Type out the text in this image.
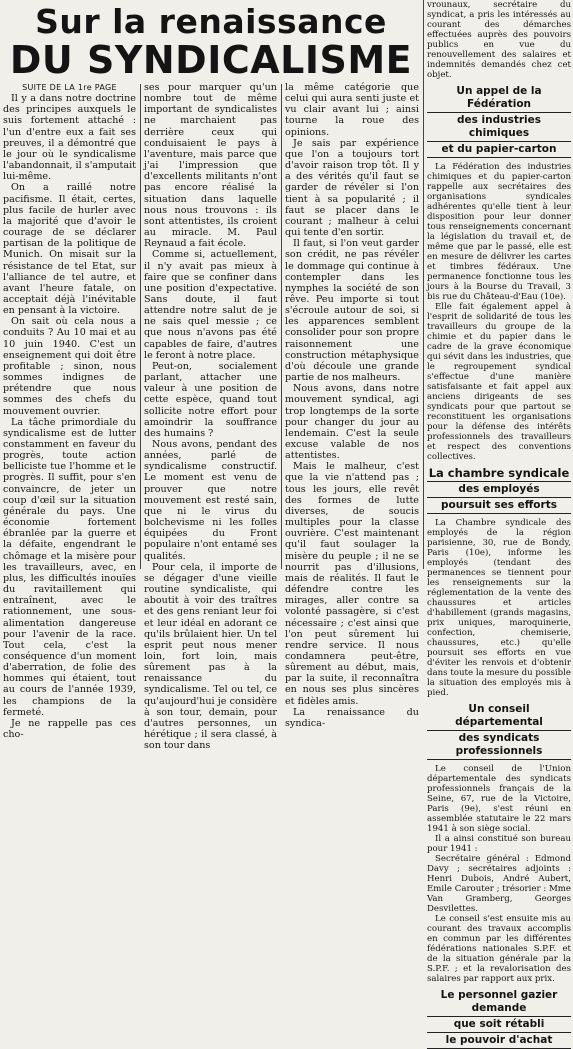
Sur la renaissance
DU SYNDICALISME

SUITE DE LA 1re PAGE

Il y a dans notre doctrine des principes auxquels le suis fortement attaché : l'un d'entre eux a fait ses preuves, il a démontré que le jour où le syndicalisme l'abandonnait, il s'amputait lui-même.

On a raillé notre pacifisme. Il était, certes, plus facile de hurler avec la majorité que d'avoir le courage de se déclarer partisan de la politique de Munich. On misait sur la résistance de tel Etat, sur l'alliance de tel autre, et avant l'heure fatale, on acceptait déjà l'inévitable en pensant à la victoire.

On sait où cela nous a conduits ? Au 10 mai et au 10 juin 1940. C'est un enseignement qui doit être profitable ; sinon, nous sommes indignes de prétendre que nous sommes des chefs du mouvement ouvrier.

La tâche primordiale du syndicalisme est de lutter constamment en faveur du progrès, toute action belliciste tue l'homme et le progrès. Il suffit, pour s'en convaincre, de jeter un coup d'œil sur la situation générale du pays. Une économie fortement ébranlée par la guerre et la défaite, engendrant le chômage et la misère pour les travailleurs, avec, en plus, les difficultés inouïes du ravitaillement qui entraînent, avec le rationnement, une sous-alimentation dangereuse pour l'avenir de la race. Tout cela, c'est la conséquence d'un moment d'aberration, de folie des hommes qui étaient, tout au cours de l'année 1939, les champions de la fermeté.

Je ne rappelle pas ces cho-

ses pour marquer qu'un nombre tout de même important de syndicalistes ne marchaient pas derrière ceux qui conduisaient le pays à l'aventure, mais parce que j'ai l'impression que d'excellents militants n'ont pas encore réalisé la situation dans laquelle nous nous trouvons : ils sont attentistes, ils croient au miracle. M. Paul Reynaud a fait école.

Comme si, actuellement, il n'y avait pas mieux à faire que se confiner dans une position d'expectative. Sans doute, il faut attendre notre salut de je ne sais quel messie ; ce que nous n'avons pas été capables de faire, d'autres le feront à notre place.

Peut-on, socialement parlant, attacher une valeur à une position de cette espèce, quand tout sollicite notre effort pour amoindrir la souffrance des humains ?

Nous avons, pendant des années, parlé de syndicalisme constructif. Le moment est venu de prouver que notre mouvement est resté sain, que ni le virus du bolchevisme ni les folles équipées du Front populaire n'ont entamé ses qualités.

Pour cela, il importe de se dégager d'une vieille routine syndicaliste, qui aboutit à voir des traîtres et des gens reniant leur foi et leur idéal en adorant ce qu'ils brûlaient hier. Un tel esprit peut nous mener loin, fort loin, mais sûrement pas à la renaissance du syndicalisme. Tel ou tel, ce qu'aujourd'hui je considère à son tour, demain, pour d'autres personnes, un hérétique ; il sera classé, à son tour dans

la même catégorie que celui qui aura senti juste et vu clair avant lui ; ainsi tourne la roue des opinions.

Je sais par expérience que l'on a toujours tort d'avoir raison trop tôt. Il y a des vérités qu'il faut se garder de révéler si l'on tient à sa popularité ; il faut se placer dans le courant ; malheur à celui qui tente d'en sortir.

Il faut, si l'on veut garder son crédit, ne pas révéler le dommage qui continue à contempler dans les nymphes la société de son rêve. Peu importe si tout s'écroule autour de soi, si les apparences semblent consolider pour son propre raisonnement une construction métaphysique d'où découle une grande partie de nos malheurs.

Nous avons, dans notre mouvement syndical, agi trop longtemps de la sorte pour changer du jour au lendemain. C'est la seule excuse valable de nos attentistes.

Mais le malheur, c'est que la vie n'attend pas ; tous les jours, elle revêt des formes de lutte diverses, de soucis multiples pour la classe ouvrière. C'est maintenant qu'il faut soulager la misère du peuple ; il ne se nourrit pas d'illusions, mais de réalités. Il faut le défendre contre les mirages, aller contre sa volonté passagère, si c'est nécessaire ; c'est ainsi que l'on peut sûrement lui rendre service. Il nous condamnera peut-être, sûrement au début, mais, par la suite, il reconnaîtra en nous ses plus sincères et fidèles amis.

La renaissance du syndica-

vrounaux, secrétaire du syndicat, a pris les intéressés au courant des démarches effectuées auprès des pouvoirs publics en vue du renouvellement des salaires et indemnités demandés chez cet objet.

Un appel de la Fédération
des industries chimiques
et du papier-carton

La Fédération des industries chimiques et du papier-carton rappelle aux secrétaires des organisations syndicales adhérentes qu'elle tient à leur disposition pour leur donner tous renseignements concernant la législation du travail et, de même que par le passé, elle est en mesure de délivrer les cartes et timbres fédéraux. Une permanence fonctionne tous les jours à la Bourse du Travail, 3 bis rue du Château-d'Eau (10e).

Elle fait également appel à l'esprit de solidarité de tous les travailleurs du groupe de la chimie et du papier dans le cadre de la grave économique qui sévit dans les industries, que le regroupement syndical s'effectue d'une manière satisfaisante et fait appel aux anciens dirigeants de ses syndicats pour que partout se reconstituent les organisations pour la défense des intérêts professionnels des travailleurs et respect des conventions collectives.

La chambre syndicale
des employés
poursuit ses efforts

La Chambre syndicale des employés de la région parisienne, 30, rue de Bondy, Paris (10e), informe les employés (tendant des permanences se tiennent pour les renseignements sur la réglementation de la vente des chaussures et articles d'habillement (grands magasins, prix uniques, maroquinerie, confection, chemiserie, chaussures, etc.) qu'elle poursuit ses efforts en vue d'éviter les renvois et d'obtenir dans toute la mesure du possible la situation des employés mis à pied.

Un conseil départemental
des syndicats professionnels

Le conseil de l'Union départementale des syndicats professionnels français de la Seine, 67, rue de la Victoire, Paris (9e), s'est réuni en assemblée statutaire le 22 mars 1941 à son siège social.

Il a ainsi constitué son bureau pour 1941 :

Secrétaire général : Edmond Davy ; secrétaires adjoints : Henri Dubois, André Aubert, Emile Carouter ; trésorier : Mme Van Gramberg, Georges Desvilettes.

Le conseil s'est ensuite mis au courant des travaux accomplis en commun par les différentes fédérations nationales S.P.F. et de la situation générale par la S.P.F. ; et la revalorisation des salaires par rapport aux prix.

Le personnel gazier demande
que soit rétabli
le pouvoir d'achat
